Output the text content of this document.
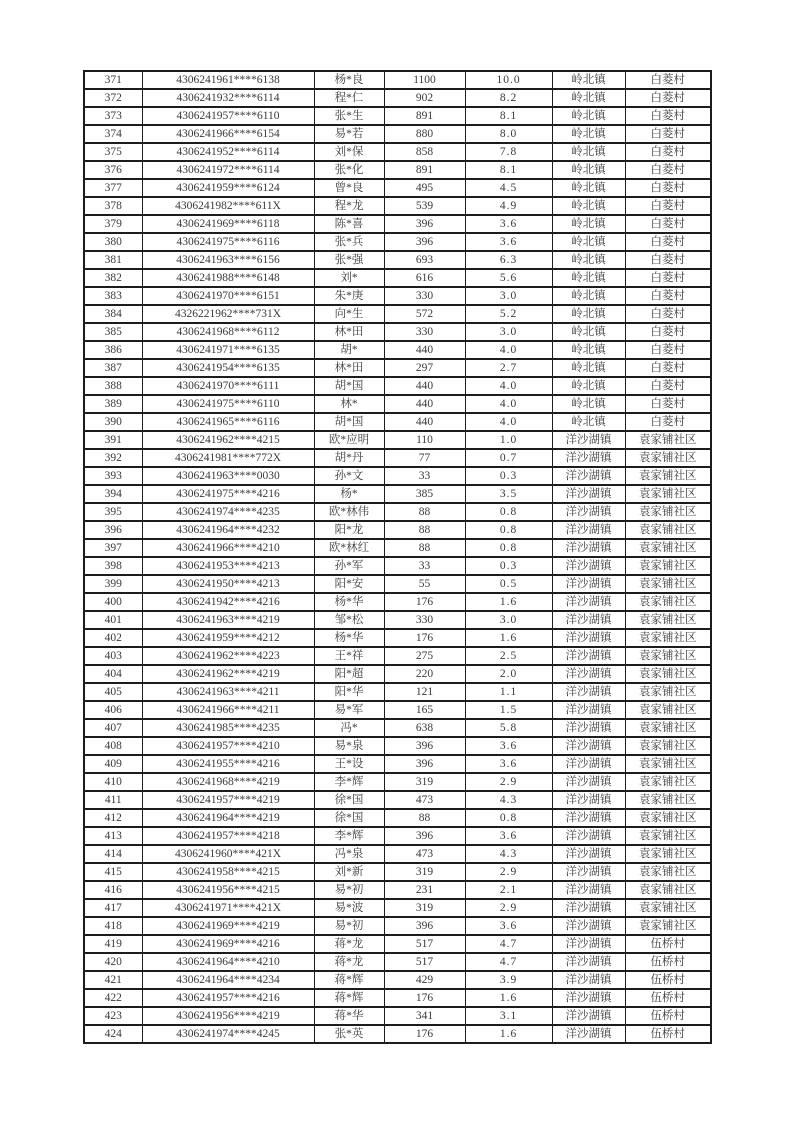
371	4306241961****6138	杨*良	1100	10.0	岭北镇	白菱村
372	4306241932****6114	程*仁	902	8.2	岭北镇	白菱村
373	4306241957****6110	张*生	891	8.1	岭北镇	白菱村
374	4306241966****6154	易*若	880	8.0	岭北镇	白菱村
375	4306241952****6114	刘*保	858	7.8	岭北镇	白菱村
376	4306241972****6114	张*化	891	8.1	岭北镇	白菱村
377	4306241959****6124	曾*良	495	4.5	岭北镇	白菱村
378	4306241982****611X	程*龙	539	4.9	岭北镇	白菱村
379	4306241969****6118	陈*喜	396	3.6	岭北镇	白菱村
380	4306241975****6116	张*兵	396	3.6	岭北镇	白菱村
381	4306241963****6156	张*强	693	6.3	岭北镇	白菱村
382	4306241988****6148	刘*	616	5.6	岭北镇	白菱村
383	4306241970****6151	朱*庚	330	3.0	岭北镇	白菱村
384	4326221962****731X	向*生	572	5.2	岭北镇	白菱村
385	4306241968****6112	林*田	330	3.0	岭北镇	白菱村
386	4306241971****6135	胡*	440	4.0	岭北镇	白菱村
387	4306241954****6135	林*田	297	2.7	岭北镇	白菱村
388	4306241970****6111	胡*国	440	4.0	岭北镇	白菱村
389	4306241975****6110	林*	440	4.0	岭北镇	白菱村
390	4306241965****6116	胡*国	440	4.0	岭北镇	白菱村
391	4306241962****4215	欧*应明	110	1.0	洋沙湖镇	袁家铺社区
392	4306241981****772X	胡*丹	77	0.7	洋沙湖镇	袁家铺社区
393	4306241963****0030	孙*文	33	0.3	洋沙湖镇	袁家铺社区
394	4306241975****4216	杨*	385	3.5	洋沙湖镇	袁家铺社区
395	4306241974****4235	欧*林伟	88	0.8	洋沙湖镇	袁家铺社区
396	4306241964****4232	阳*龙	88	0.8	洋沙湖镇	袁家铺社区
397	4306241966****4210	欧*林红	88	0.8	洋沙湖镇	袁家铺社区
398	4306241953****4213	孙*军	33	0.3	洋沙湖镇	袁家铺社区
399	4306241950****4213	阳*安	55	0.5	洋沙湖镇	袁家铺社区
400	4306241942****4216	杨*华	176	1.6	洋沙湖镇	袁家铺社区
401	4306241963****4219	邹*松	330	3.0	洋沙湖镇	袁家铺社区
402	4306241959****4212	杨*华	176	1.6	洋沙湖镇	袁家铺社区
403	4306241962****4223	王*祥	275	2.5	洋沙湖镇	袁家铺社区
404	4306241962****4219	阳*超	220	2.0	洋沙湖镇	袁家铺社区
405	4306241963****4211	阳*华	121	1.1	洋沙湖镇	袁家铺社区
406	4306241966****4211	易*军	165	1.5	洋沙湖镇	袁家铺社区
407	4306241985****4235	冯*	638	5.8	洋沙湖镇	袁家铺社区
408	4306241957****4210	易*泉	396	3.6	洋沙湖镇	袁家铺社区
409	4306241955****4216	王*设	396	3.6	洋沙湖镇	袁家铺社区
410	4306241968****4219	李*辉	319	2.9	洋沙湖镇	袁家铺社区
411	4306241957****4219	徐*国	473	4.3	洋沙湖镇	袁家铺社区
412	4306241964****4219	徐*国	88	0.8	洋沙湖镇	袁家铺社区
413	4306241957****4218	李*辉	396	3.6	洋沙湖镇	袁家铺社区
414	4306241960****421X	冯*泉	473	4.3	洋沙湖镇	袁家铺社区
415	4306241958****4215	刘*新	319	2.9	洋沙湖镇	袁家铺社区
416	4306241956****4215	易*初	231	2.1	洋沙湖镇	袁家铺社区
417	4306241971****421X	易*波	319	2.9	洋沙湖镇	袁家铺社区
418	4306241969****4219	易*初	396	3.6	洋沙湖镇	袁家铺社区
419	4306241969****4216	蒋*龙	517	4.7	洋沙湖镇	伍桥村
420	4306241964****4210	蒋*龙	517	4.7	洋沙湖镇	伍桥村
421	4306241964****4234	蒋*辉	429	3.9	洋沙湖镇	伍桥村
422	4306241957****4216	蒋*辉	176	1.6	洋沙湖镇	伍桥村
423	4306241956****4219	蒋*华	341	3.1	洋沙湖镇	伍桥村
424	4306241974****4245	张*英	176	1.6	洋沙湖镇	伍桥村
